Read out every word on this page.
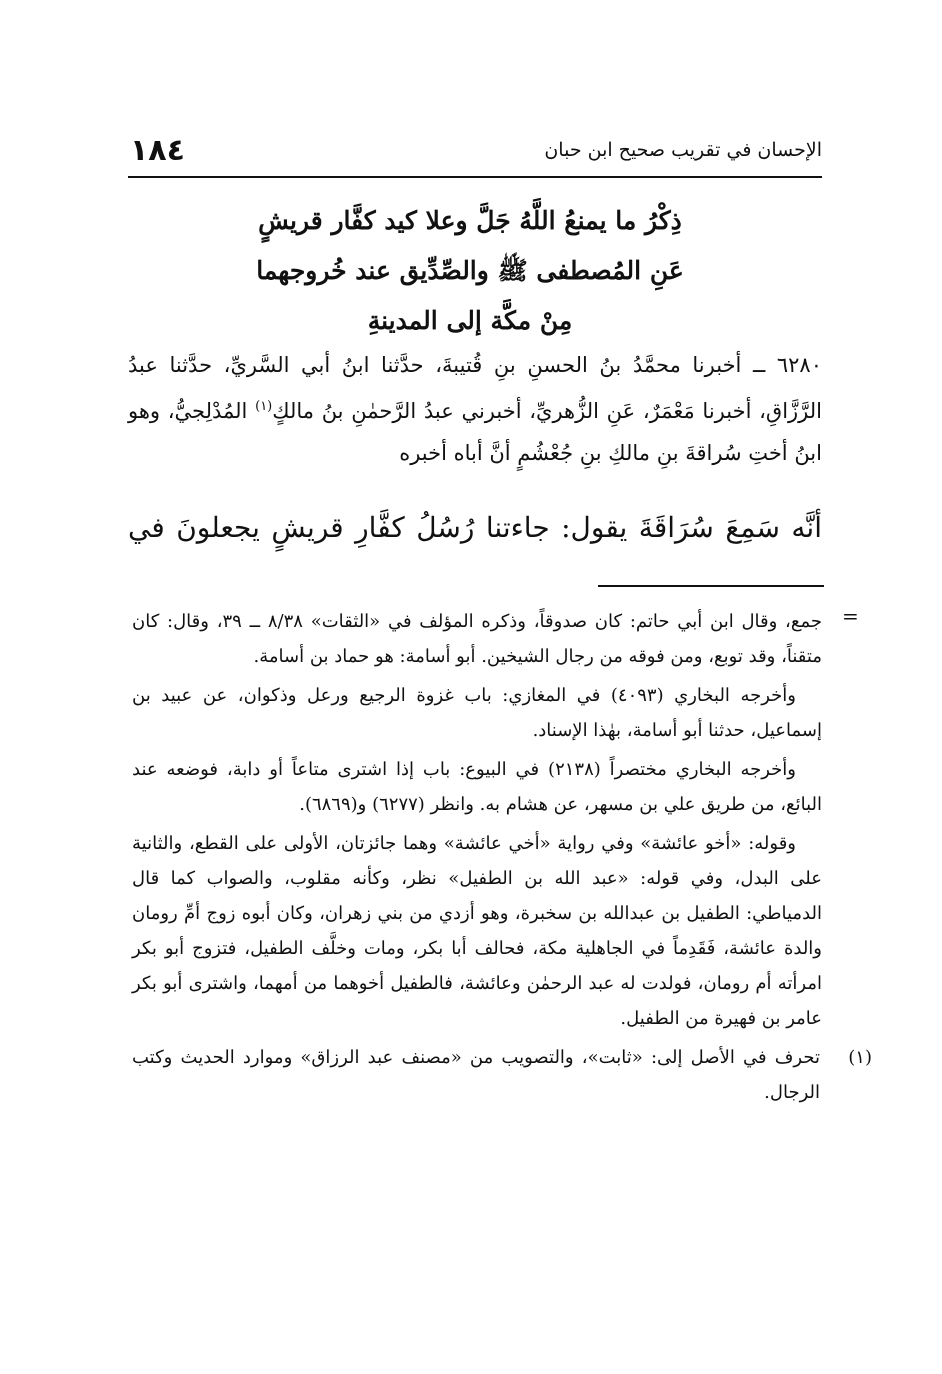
الإحسان في تقريب صحيح ابن حبان
١٨٤
ذِكْرُ ما يمنعُ اللَّهُ جَلَّ وعلا كيد كفَّار قريشٍ
عَنِ المُصطفى ﷺ والصِّدِّيق عند خُروجهما
مِنْ مكَّة إلى المدينةِ

٦٢٨٠ ــ أخبرنا محمَّدُ بنُ الحسنِ بنِ قُتيبةَ، حدَّثنا ابنُ أبي السَّريِّ، حدَّثنا عبدُ الرَّزَّاقِ، أخبرنا مَعْمَرٌ، عَنِ الزُّهريِّ، أخبرني عبدُ الرَّحمٰنِ بنُ مالكٍ$^{(١)}$ المُدْلِجيُّ، وهو ابنُ أختِ سُراقةَ بنِ مالكِ بنِ جُعْشُمٍ أنَّ أباه أخبره

أنَّه سَمِعَ سُرَاقَةَ يقول: جاءتنا رُسُلُ كفَّارِ قريشٍ يجعلونَ في
=

جمع، وقال ابن أبي حاتم: كان صدوقاً، وذكره المؤلف في «الثقات» ٨/٣٨ ــ ٣٩، وقال: كان متقناً، وقد توبع، ومن فوقه من رجال الشيخين. أبو أسامة: هو حماد بن أسامة.

وأخرجه البخاري (٤٠٩٣) في المغازي: باب غزوة الرجيع ورعل وذكوان، عن عبيد بن إسماعيل، حدثنا أبو أسامة، بهٰذا الإسناد.

وأخرجه البخاري مختصراً (٢١٣٨) في البيوع: باب إذا اشترى متاعاً أو دابة، فوضعه عند البائع، من طريق علي بن مسهر، عن هشام به. وانظر (٦٢٧٧) و(٦٨٦٩).

وقوله: «أخو عائشة» وفي رواية «أخي عائشة» وهما جائزتان، الأولى على القطع، والثانية على البدل، وفي قوله: «عبد الله بن الطفيل» نظر، وكأنه مقلوب، والصواب كما قال الدمياطي: الطفيل بن عبدالله بن سخبرة، وهو أزدي من بني زهران، وكان أبوه زوج أمِّ رومان والدة عائشة، فَقَدِماً في الجاهلية مكة، فحالف أبا بكر، ومات وخلَّف الطفيل، فتزوج أبو بكر امرأته أم رومان، فولدت له عبد الرحمٰن وعائشة، فالطفيل أخوهما من أمهما، واشترى أبو بكر عامر بن فهيرة من الطفيل.

(١)
تحرف في الأصل إلى: «ثابت»، والتصويب من «مصنف عبد الرزاق» وموارد الحديث وكتب الرجال.
